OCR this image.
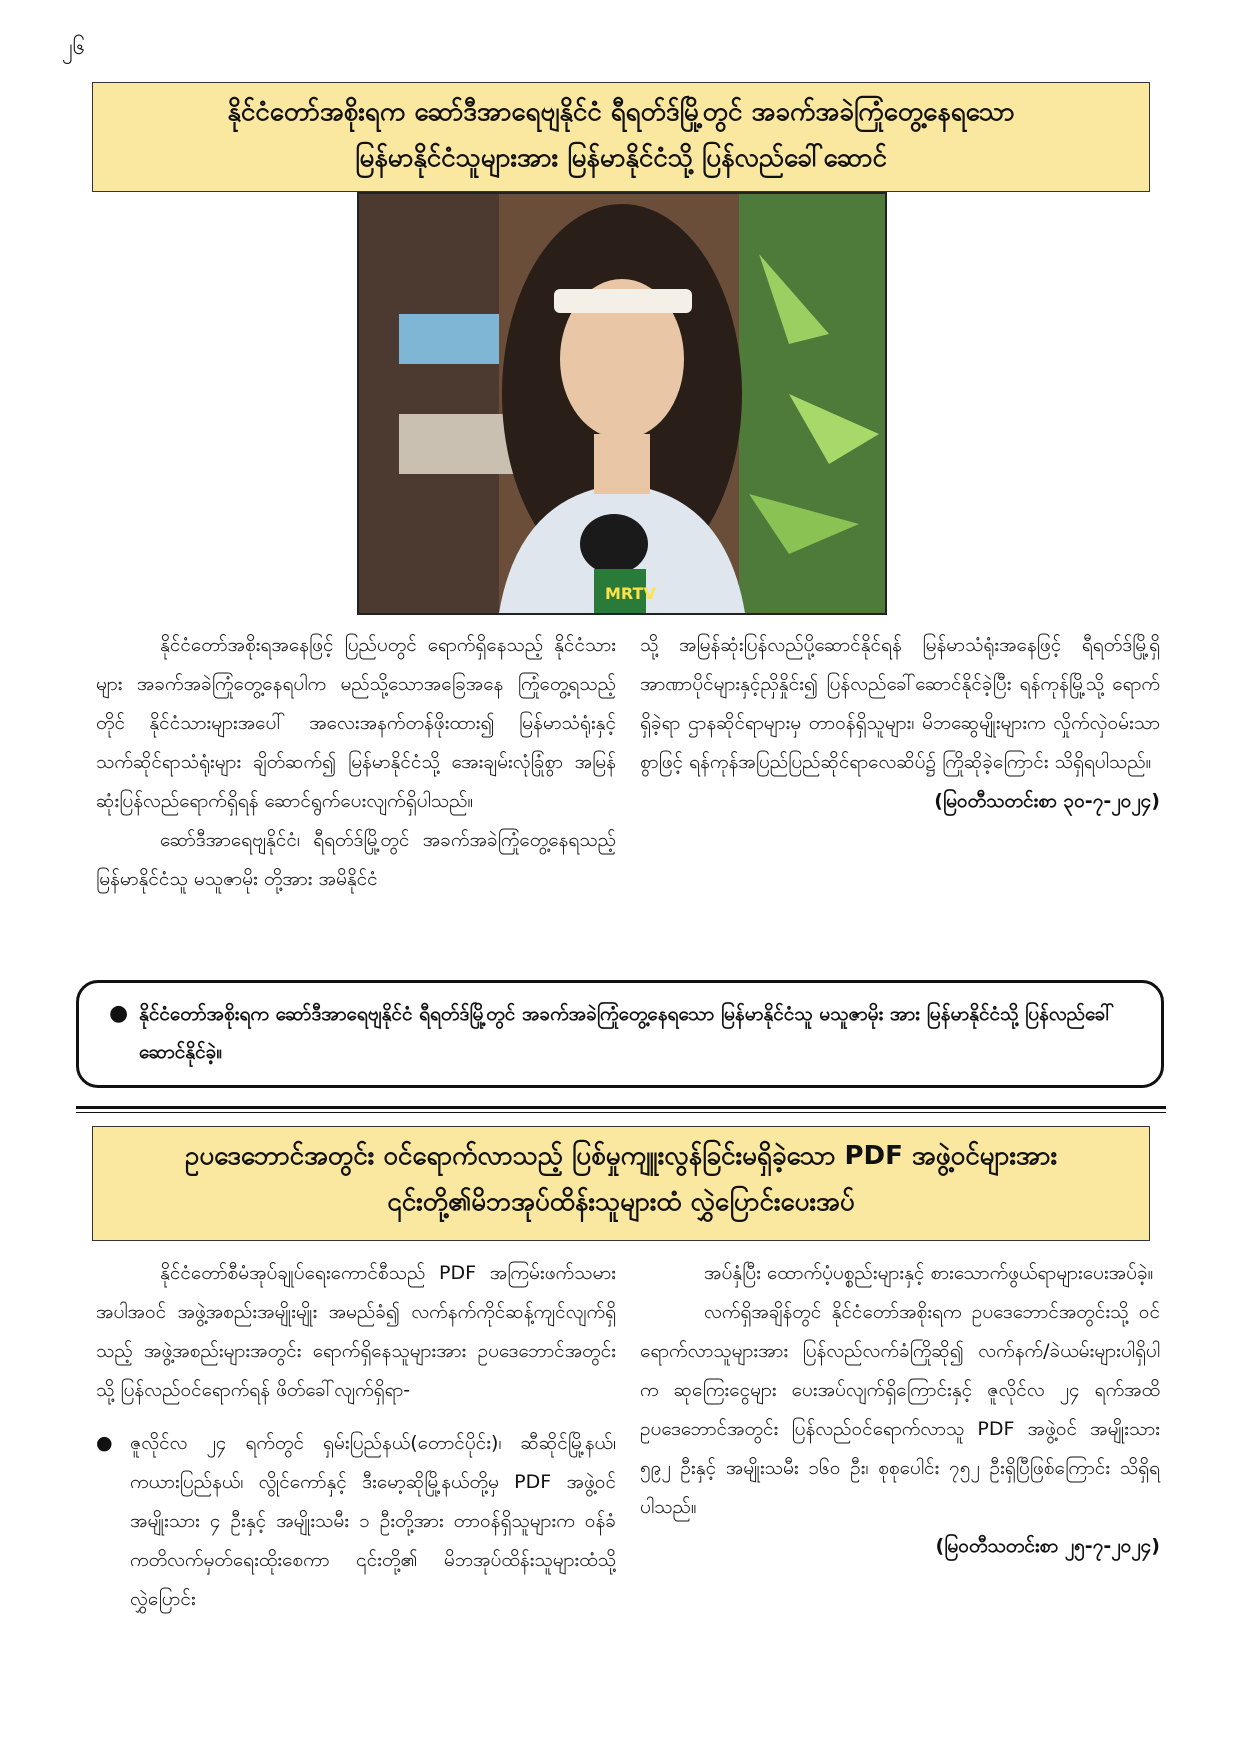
၂၆
နိုင်ငံတော်အစိုးရက ဆော်ဒီအာရေဗျနိုင်ငံ ရီရတ်ဒ်မြို့တွင် အခက်အခဲကြုံတွေ့နေရသော
မြန်မာနိုင်ငံသူများအား မြန်မာနိုင်ငံသို့ ပြန်လည်ခေါ်ဆောင်
MRTV

နိုင်ငံတော်အစိုးရအနေဖြင့် ပြည်ပတွင် ရောက်ရှိနေသည့် နိုင်ငံသားများ အခက်အခဲကြုံတွေ့နေရပါက မည်သို့သောအခြေအနေ ကြုံတွေ့ရသည့်တိုင် နိုင်ငံသားများအပေါ် အလေးအနက်တန်ဖိုးထား၍ မြန်မာသံရုံးနှင့် သက်ဆိုင်ရာသံရုံးများ ချိတ်ဆက်၍ မြန်မာနိုင်ငံသို့ အေးချမ်းလုံခြုံစွာ အမြန်ဆုံးပြန်လည်ရောက်ရှိရန် ဆောင်ရွက်ပေးလျက်ရှိပါသည်။

ဆော်ဒီအာရေဗျနိုင်ငံ၊ ရီရတ်ဒ်မြို့တွင် အခက်အခဲကြုံတွေ့နေရသည့် မြန်မာနိုင်ငံသူ မသူဇာမိုး တို့အား အမိနိုင်ငံ

သို့ အမြန်ဆုံးပြန်လည်ပို့ဆောင်နိုင်ရန် မြန်မာသံရုံးအနေဖြင့် ရီရတ်ဒ်မြို့ရှိ အာဏာပိုင်များနှင့်ညှိနှိုင်း၍ ပြန်လည်ခေါ်ဆောင်နိုင်ခဲ့ပြီး ရန်ကုန်မြို့သို့ ရောက်ရှိခဲ့ရာ ဌာနဆိုင်ရာများမှ တာဝန်ရှိသူများ၊ မိဘဆွေမျိုးများက လှိုက်လှဲဝမ်းသာစွာဖြင့် ရန်ကုန်အပြည်ပြည်ဆိုင်ရာလေဆိပ်၌ ကြိုဆိုခဲ့ကြောင်း သိရှိရပါသည်။

(မြဝတီသတင်းစာ ၃၀-၇-၂၀၂၄)
● နိုင်ငံတော်အစိုးရက ဆော်ဒီအာရေဗျနိုင်ငံ ရီရတ်ဒ်မြို့တွင် အခက်အခဲကြုံတွေ့နေရသော မြန်မာနိုင်ငံသူ မသူဇာမိုး အား မြန်မာနိုင်ငံသို့ ပြန်လည်ခေါ်ဆောင်နိုင်ခဲ့။
ဥပဒေဘောင်အတွင်း ဝင်ရောက်လာသည့် ပြစ်မှုကျူးလွန်ခြင်းမရှိခဲ့သော PDF အဖွဲ့ဝင်များအား
၎င်းတို့၏မိဘအုပ်ထိန်းသူများထံ လွှဲပြောင်းပေးအပ်

နိုင်ငံတော်စီမံအုပ်ချုပ်ရေးကောင်စီသည် PDF အကြမ်းဖက်သမားအပါအဝင် အဖွဲ့အစည်းအမျိုးမျိုး အမည်ခံ၍ လက်နက်ကိုင်ဆန့်ကျင်လျက်ရှိသည့် အဖွဲ့အစည်းများအတွင်း ရောက်ရှိနေသူများအား ဥပဒေဘောင်အတွင်းသို့ ပြန်လည်ဝင်ရောက်ရန် ဖိတ်ခေါ်လျက်ရှိရာ-

● ဇူလိုင်လ ၂၄ ရက်တွင် ရှမ်းပြည်နယ်(တောင်ပိုင်း)၊ ဆီဆိုင်မြို့နယ်၊ ကယားပြည်နယ်၊ လွိုင်ကော်နှင့် ဒီးမော့ဆိုမြို့နယ်တို့မှ PDF အဖွဲ့ဝင် အမျိုးသား ၄ ဦးနှင့် အမျိုးသမီး ၁ ဦးတို့အား တာဝန်ရှိသူများက ဝန်ခံကတိလက်မှတ်ရေးထိုးစေကာ ၎င်းတို့၏ မိဘအုပ်ထိန်းသူများထံသို့ လွှဲပြောင်း

အပ်နှံပြီး ထောက်ပံ့ပစ္စည်းများနှင့် စားသောက်ဖွယ်ရာများပေးအပ်ခဲ့။

လက်ရှိအချိန်တွင် နိုင်ငံတော်အစိုးရက ဥပဒေဘောင်အတွင်းသို့ ဝင်ရောက်လာသူများအား ပြန်လည်လက်ခံကြိုဆို၍ လက်နက်/ခဲယမ်းများပါရှိပါက ဆုကြေးငွေများ ပေးအပ်လျက်ရှိကြောင်းနှင့် ဇူလိုင်လ ၂၄ ရက်အထိ ဥပဒေဘောင်အတွင်း ပြန်လည်ဝင်ရောက်လာသူ PDF အဖွဲ့ဝင် အမျိုးသား ၅၉၂ ဦးနှင့် အမျိုးသမီး ၁၆၀ ဦး၊ စုစုပေါင်း ၇၅၂ ဦးရှိပြီဖြစ်ကြောင်း သိရှိရပါသည်။

(မြဝတီသတင်းစာ ၂၅-၇-၂၀၂၄)
